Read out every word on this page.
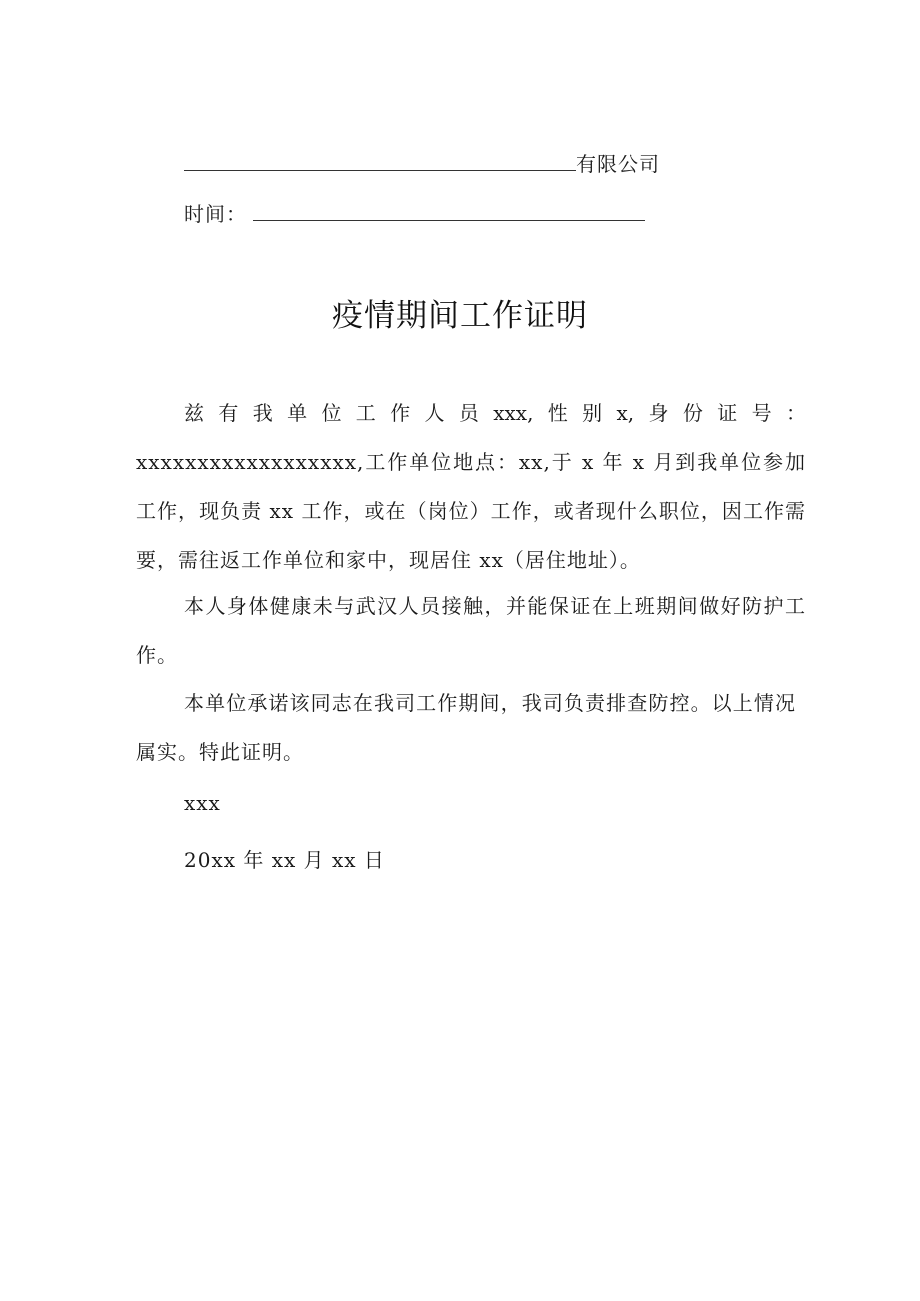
有限公司
时间：
疫情期间工作证明
兹 有 我 单 位 工 作 人 员 xxx, 性 别 x, 身 份 证 号 ：
xxxxxxxxxxxxxxxxxx,工作单位地点：xx,于 x 年 x 月到我单位参加工作，现负责 xx 工作，或在（岗位）工作，或者现什么职位，因工作需要，需往返工作单位和家中，现居住 xx（居住地址）。
本人身体健康未与武汉人员接触，并能保证在上班期间做好防护工作。
本单位承诺该同志在我司工作期间，我司负责排查防控。以上情况属实。特此证明。
xxx
20xx 年 xx 月 xx 日
